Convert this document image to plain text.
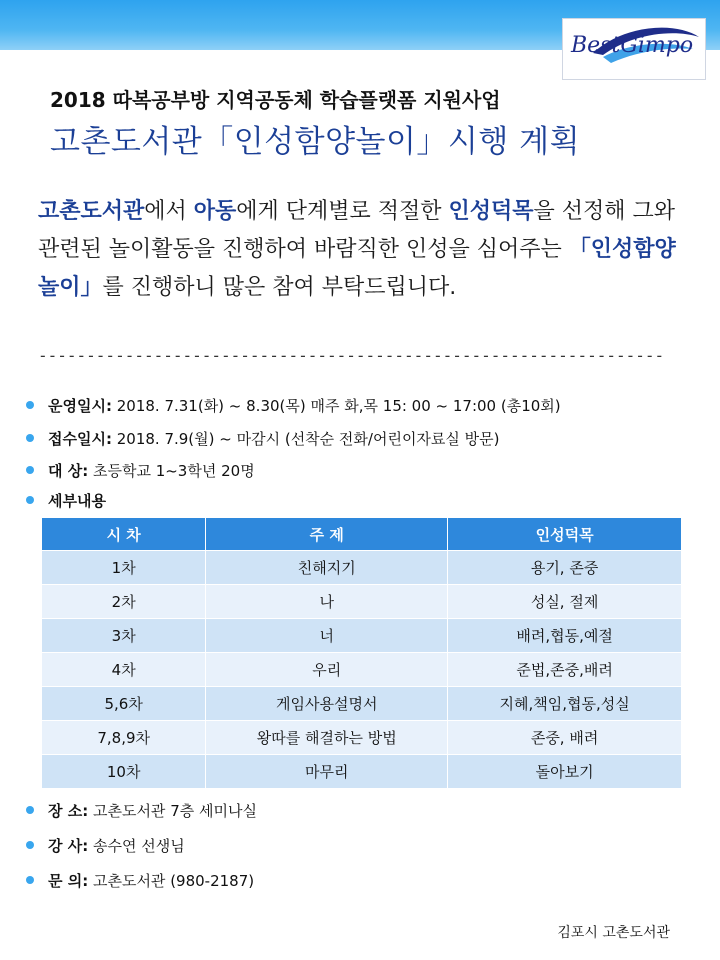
BestGimpo
2018 따복공부방 지역공동체 학습플랫폼 지원사업
고촌도서관「인성함양놀이」시행 계획
고촌도서관에서 아동에게 단계별로 적절한 인성덕목을 선정해 그와 관련된 놀이활동을 진행하여 바람직한 인성을 심어주는 「인성함양놀이」를 진행하니 많은 참여 부탁드립니다.
-----------------------------------------------------------------
운영일시: 2018. 7.31(화) ~ 8.30(목) 매주 화,목 15: 00 ~ 17:00 (총10회)
접수일시: 2018. 7.9(월) ~ 마감시 (선착순 전화/어린이자료실 방문)
대 상: 초등학교 1~3학년 20명
세부내용
시 차	주 제	인성덕목
1차	친해지기	용기, 존중
2차	나	성실, 절제
3차	너	배려,협동,예절
4차	우리	준법,존중,배려
5,6차	게임사용설명서	지혜,책임,협동,성실
7,8,9차	왕따를 해결하는 방법	존중, 배려
10차	마무리	돌아보기
장 소: 고촌도서관 7층 세미나실
강 사: 송수연 선생님
문 의: 고촌도서관 (980-2187)
김포시 고촌도서관
